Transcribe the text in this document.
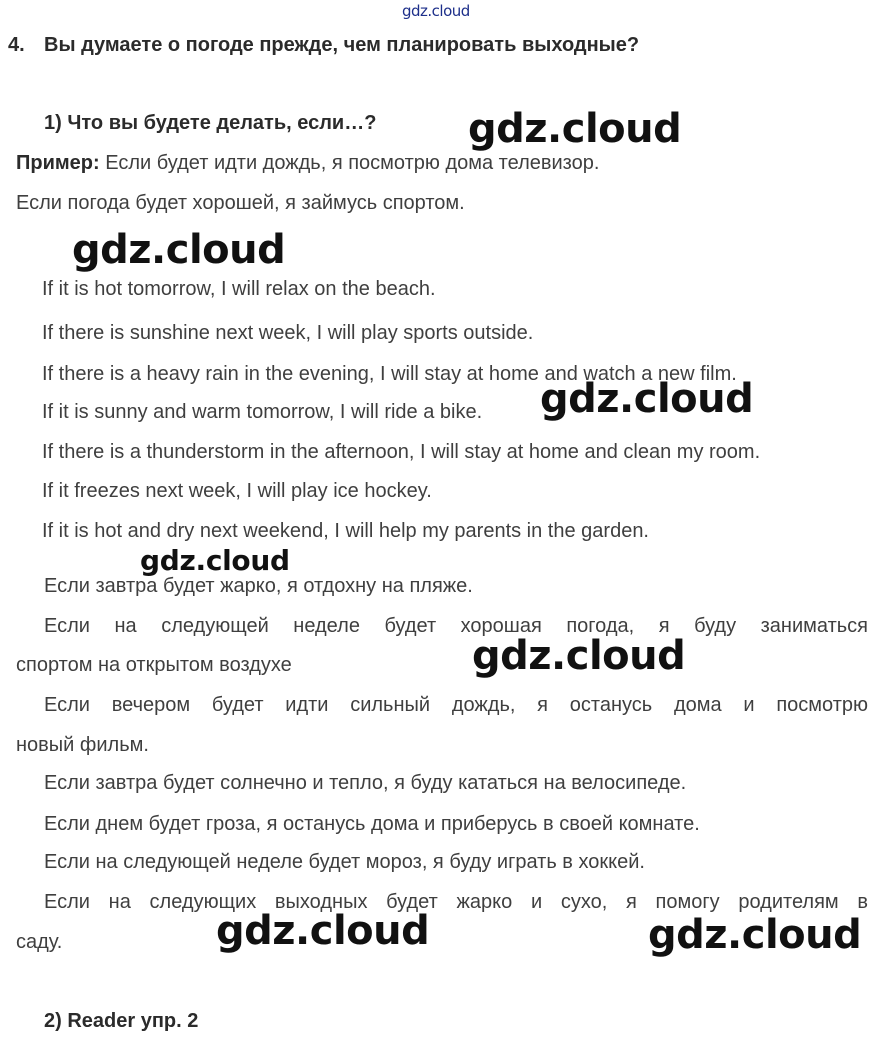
gdz.cloud
4. Вы думаете о погоде прежде, чем планировать выходные?
1) Что вы будете делать, если…?
Пример: Если будет идти дождь, я посмотрю дома телевизор.
Если погода будет хорошей, я займусь спортом.
If it is hot tomorrow, I will relax on the beach.
If there is sunshine next week, I will play sports outside.
If there is a heavy rain in the evening, I will stay at home and watch a new film.
If it is sunny and warm tomorrow, I will ride a bike.
If there is a thunderstorm in the afternoon, I will stay at home and clean my room.
If it freezes next week, I will play ice hockey.
If it is hot and dry next weekend, I will help my parents in the garden.
Если завтра будет жарко, я отдохну на пляже.
Если на следующей неделе будет хорошая погода, я буду заниматься
спортом на открытом воздухе
Если вечером будет идти сильный дождь, я останусь дома и посмотрю
новый фильм.
Если завтра будет солнечно и тепло, я буду кататься на велосипеде.
Если днем будет гроза, я останусь дома и приберусь в своей комнате.
Если на следующей неделе будет мороз, я буду играть в хоккей.
Если на следующих выходных будет жарко и сухо, я помогу родителям в
саду.
2) Reader упр. 2
gdz.cloud
gdz.cloud
gdz.cloud
gdz.cloud
gdz.cloud
gdz.cloud	gdz.cloud
